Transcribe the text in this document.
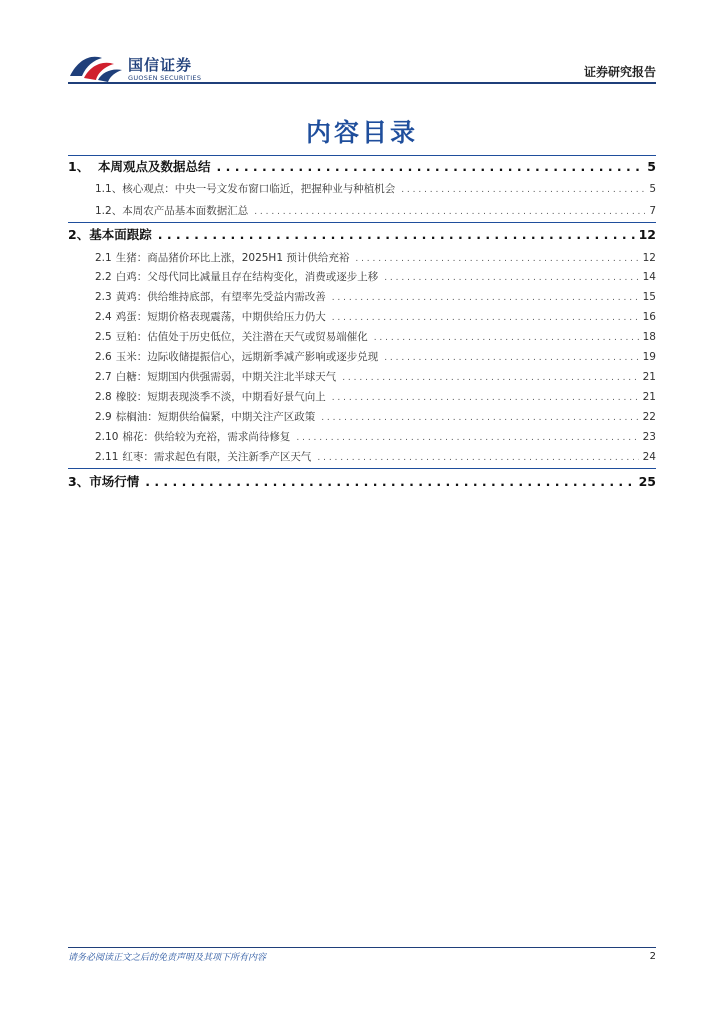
国信证券
GUOSEN SECURITIES	证券研究报告
内容目录
1、 本周观点及数据总结 . . .	5
1.1、 核心观点：中央一号文发布窗口临近，把握种业与种植机会 . . .	5
1.2、 本周农产品基本面数据汇总 . . .	7
2、 基本面跟踪 . . .	12
2.1 生猪：商品猪价环比上涨，2025H1 预计供给充裕 . . .	12
2.2 白鸡：父母代同比减量且存在结构变化，消费或逐步上移 . . .	14
2.3 黄鸡：供给维持底部，有望率先受益内需改善 . . .	15
2.4 鸡蛋：短期价格表现震荡，中期供给压力仍大 . . .	16
2.5 豆粕：估值处于历史低位，关注潜在天气或贸易端催化 . . .	18
2.6 玉米：边际收储提振信心，远期新季减产影响或逐步兑现 . . .	19
2.7 白糖：短期国内供强需弱，中期关注北半球天气 . . .	21
2.8 橡胶：短期表现淡季不淡，中期看好景气向上 . . .	21
2.9 棕榈油：短期供给偏紧，中期关注产区政策 . . .	22
2.10 棉花：供给较为充裕，需求尚待修复 . . .	23
2.11 红枣：需求起色有限，关注新季产区天气 . . .	24
3、 市场行情 . . .	25
请务必阅读正文之后的免责声明及其项下所有内容	2
